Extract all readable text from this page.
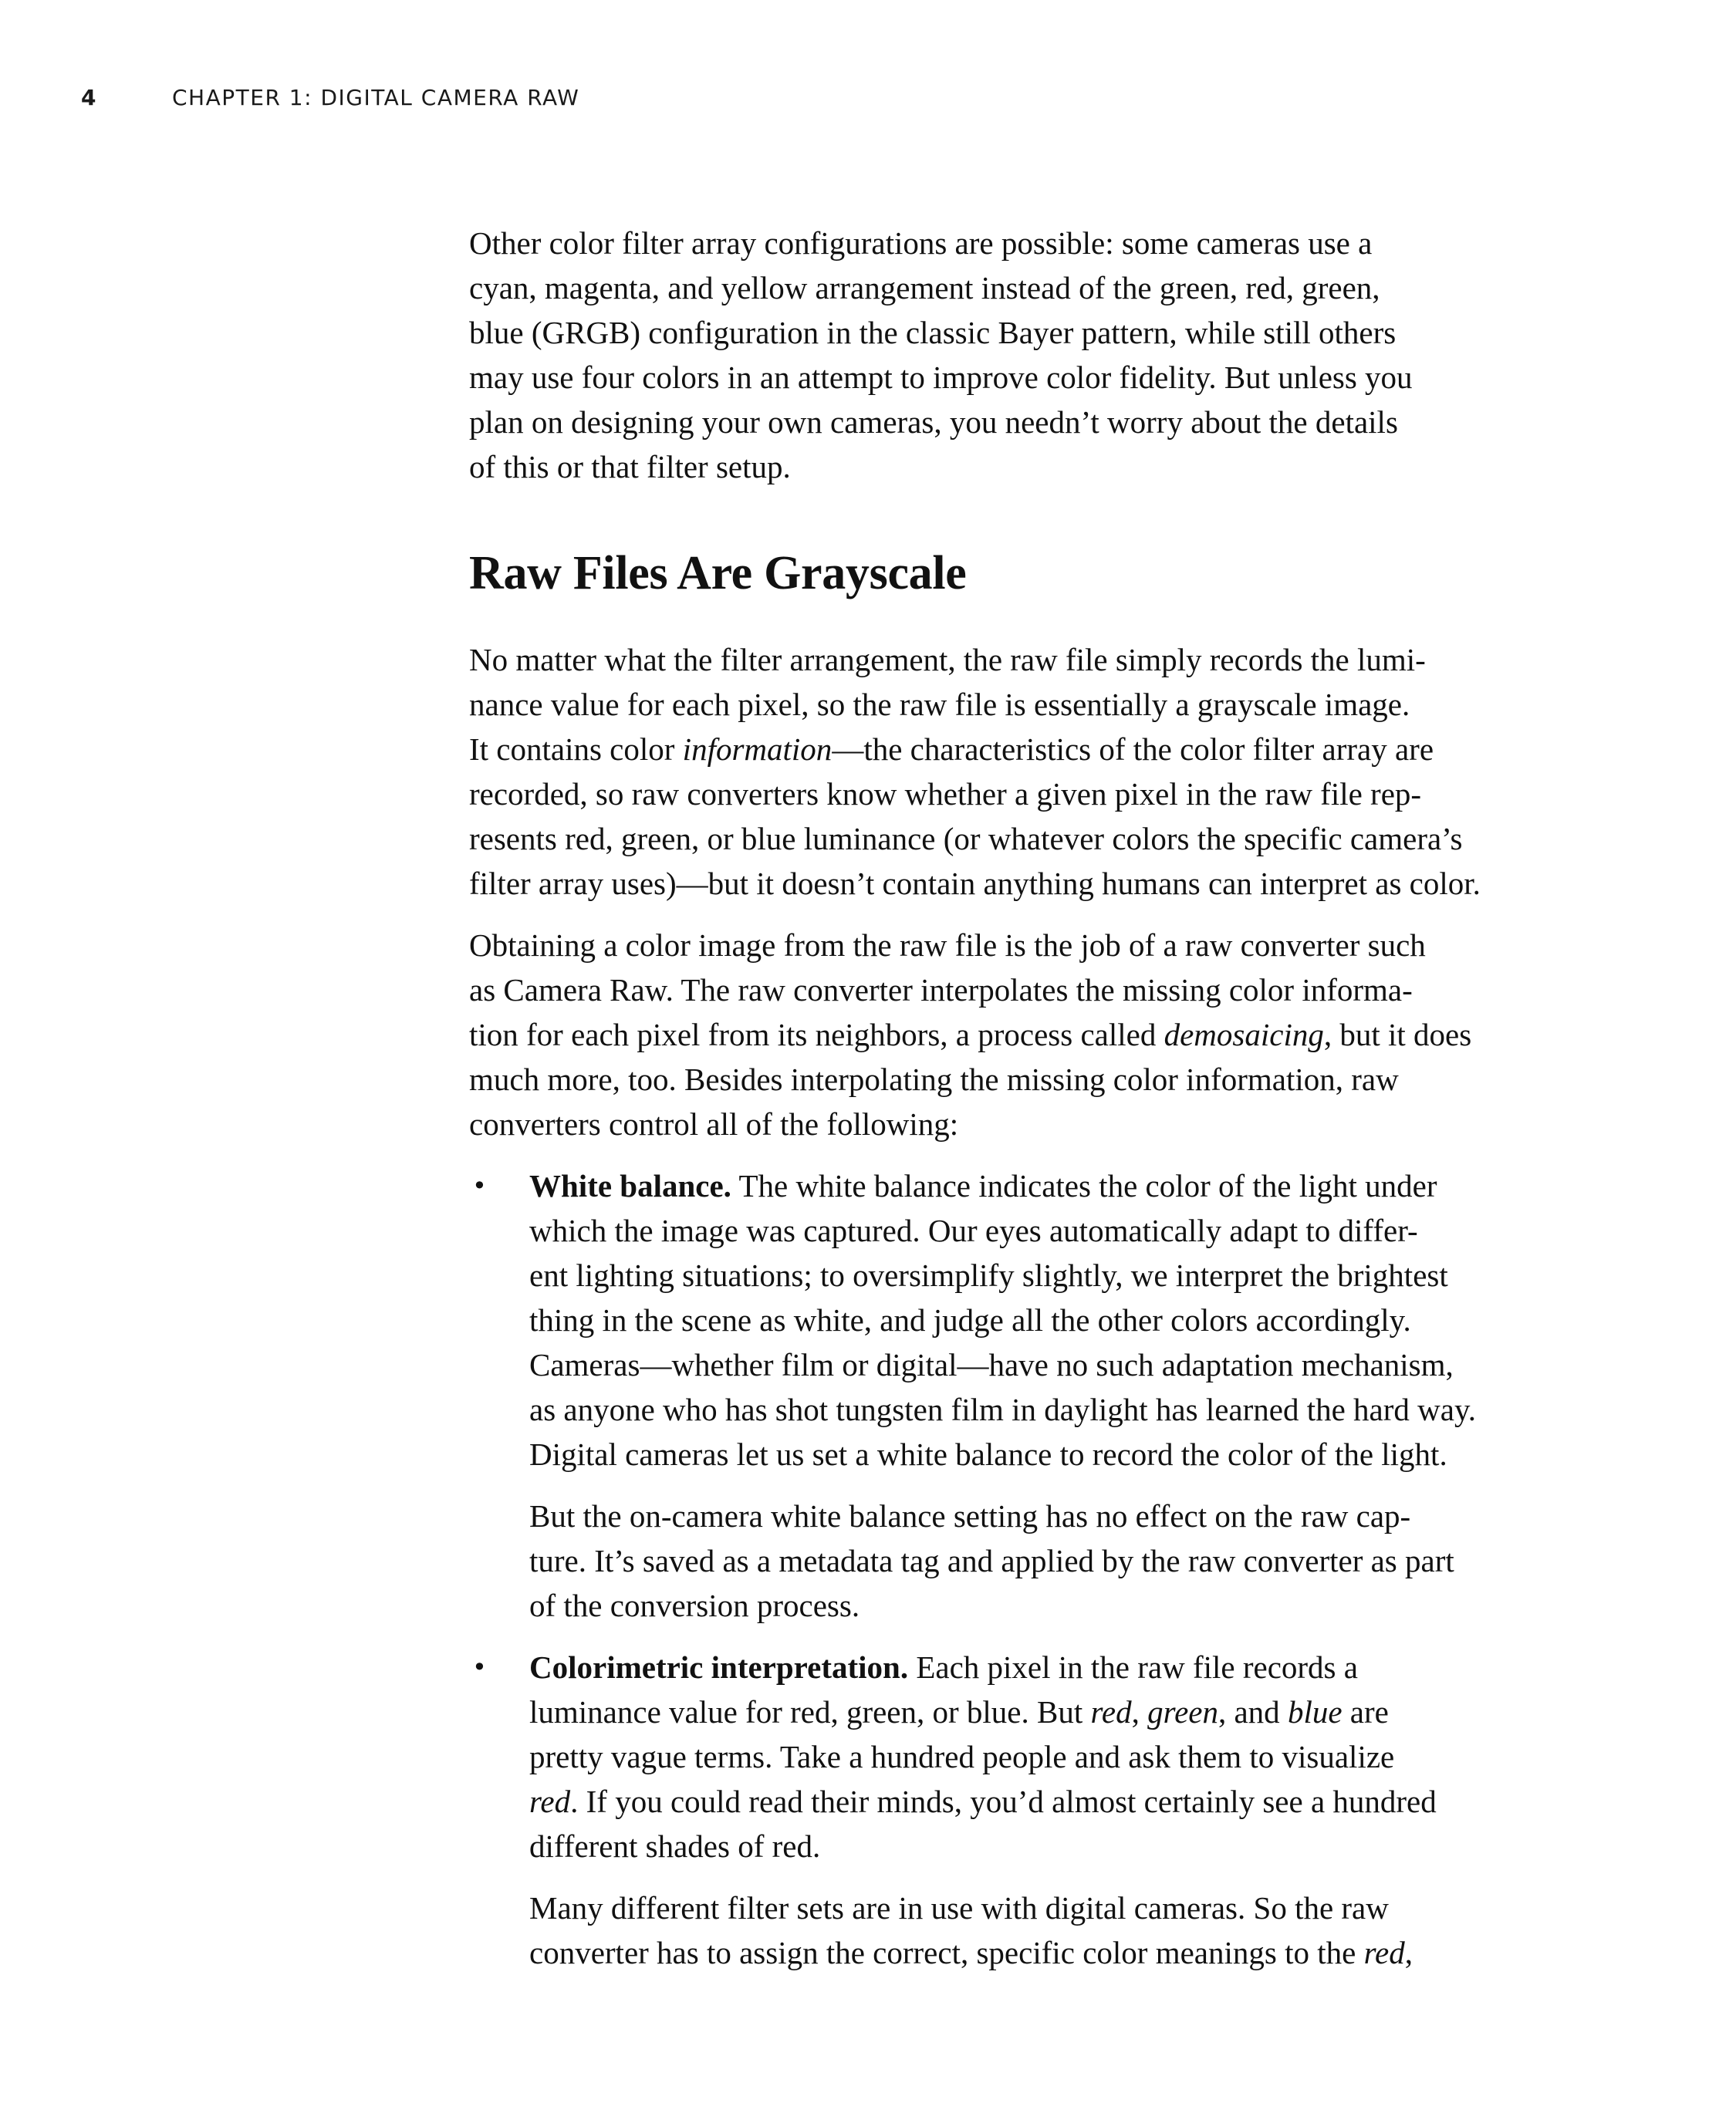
4	CHAPTER 1: DIGITAL CAMERA RAW

Other color filter array configurations are possible: some cameras use a
cyan, magenta, and yellow arrangement instead of the green, red, green,
blue (GRGB) configuration in the classic Bayer pattern, while still others
may use four colors in an attempt to improve color fidelity. But unless you
plan on designing your own cameras, you needn’t worry about the details
of this or that filter setup.

Raw Files Are Grayscale

No matter what the filter arrangement, the raw file simply records the lumi-
nance value for each pixel, so the raw file is essentially a grayscale image.
It contains color information—the characteristics of the color filter array are
recorded, so raw converters know whether a given pixel in the raw file rep-
resents red, green, or blue luminance (or whatever colors the specific camera’s
filter array uses)—but it doesn’t contain anything humans can interpret as color.

Obtaining a color image from the raw file is the job of a raw converter such
as Camera Raw. The raw converter interpolates the missing color informa-
tion for each pixel from its neighbors, a process called demosaicing, but it does
much more, too. Besides interpolating the missing color information, raw
converters control all of the following:

• White balance. The white balance indicates the color of the light under
which the image was captured. Our eyes automatically adapt to differ-
ent lighting situations; to oversimplify slightly, we interpret the brightest
thing in the scene as white, and judge all the other colors accordingly.
Cameras—whether film or digital—have no such adaptation mechanism,
as anyone who has shot tungsten film in daylight has learned the hard way.
Digital cameras let us set a white balance to record the color of the light.

But the on-camera white balance setting has no effect on the raw cap-
ture. It’s saved as a metadata tag and applied by the raw converter as part
of the conversion process.

• Colorimetric interpretation. Each pixel in the raw file records a
luminance value for red, green, or blue. But red, green, and blue are
pretty vague terms. Take a hundred people and ask them to visualize
red. If you could read their minds, you’d almost certainly see a hundred
different shades of red.

Many different filter sets are in use with digital cameras. So the raw
converter has to assign the correct, specific color meanings to the red,
